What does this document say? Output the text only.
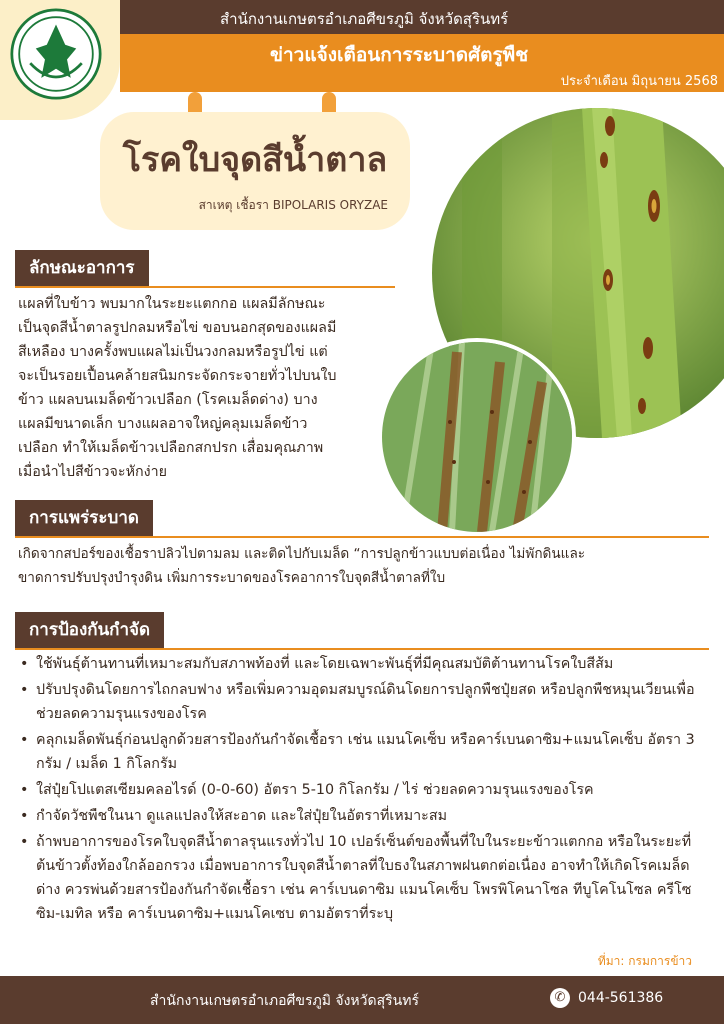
สำนักงานเกษตรอำเภอศีขรภูมิ จังหวัดสุรินทร์
ข่าวแจ้งเตือนการระบาดศัตรูพืช
ประจำเดือน มิถุนายน 2568
โรคใบจุดสีน้ำตาล
สาเหตุ เชื้อรา BIPOLARIS ORYZAE
ลักษณะอาการ
แผลที่ใบข้าว พบมากในระยะแตกกอ แผลมีลักษณะ
เป็นจุดสีน้ำตาลรูปกลมหรือไข่ ขอบนอกสุดของแผลมี
สีเหลือง บางครั้งพบแผลไม่เป็นวงกลมหรือรูปไข่ แต่
จะเป็นรอยเปื้อนคล้ายสนิมกระจัดกระจายทั่วไปบนใบ
ข้าว แผลบนเมล็ดข้าวเปลือก (โรคเมล็ดด่าง) บาง
แผลมีขนาดเล็ก บางแผลอาจใหญ่คลุมเมล็ดข้าว
เปลือก ทำให้เมล็ดข้าวเปลือกสกปรก เสื่อมคุณภาพ
เมื่อนำไปสีข้าวจะหักง่าย
การแพร่ระบาด
เกิดจากสปอร์ของเชื้อราปลิวไปตามลม และติดไปกับเมล็ด “การปลูกข้าวแบบต่อเนื่อง ไม่พักดินและ
ขาดการปรับปรุงบำรุงดิน เพิ่มการระบาดของโรคอาการใบจุดสีน้ำตาลที่ใบ
การป้องกันกำจัด
• ใช้พันธุ์ต้านทานที่เหมาะสมกับสภาพท้องที่ และโดยเฉพาะพันธุ์ที่มีคุณสมบัติต้านทานโรคใบสีส้ม
• ปรับปรุงดินโดยการไถกลบฟาง หรือเพิ่มความอุดมสมบูรณ์ดินโดยการปลูกพืชปุ๋ยสด หรือปลูกพืชหมุนเวียนเพื่อช่วยลดความรุนแรงของโรค
• คลุกเมล็ดพันธุ์ก่อนปลูกด้วยสารป้องกันกำจัดเชื้อรา เช่น แมนโคเซ็บ หรือคาร์เบนดาซิม+แมนโคเซ็บ อัตรา 3 กรัม / เมล็ด 1 กิโลกรัม
• ใส่ปุ๋ยโปแตสเซียมคลอไรด์ (0-0-60) อัตรา 5-10 กิโลกรัม / ไร่ ช่วยลดความรุนแรงของโรค
• กำจัดวัชพืชในนา ดูแลแปลงให้สะอาด และใส่ปุ๋ยในอัตราที่เหมาะสม
• ถ้าพบอาการของโรคใบจุดสีน้ำตาลรุนแรงทั่วไป 10 เปอร์เซ็นต์ของพื้นที่ใบในระยะข้าวแตกกอ หรือในระยะที่ต้นข้าวตั้งท้องใกล้ออกรวง เมื่อพบอาการใบจุดสีน้ำตาลที่ใบธงในสภาพฝนตกต่อเนื่อง อาจทำให้เกิดโรคเมล็ดด่าง ควรพ่นด้วยสารป้องกันกำจัดเชื้อรา เช่น คาร์เบนดาซิม แมนโคเซ็บ โพรพิโคนาโซล ทีบูโคโนโซล ครีโซซิม-เมทิล หรือ คาร์เบนดาซิม+แมนโคเซบ ตามอัตราที่ระบุ
ที่มา: กรมการข้าว
สำนักงานเกษตรอำเภอศีขรภูมิ จังหวัดสุรินทร์	✆ 044-561386
